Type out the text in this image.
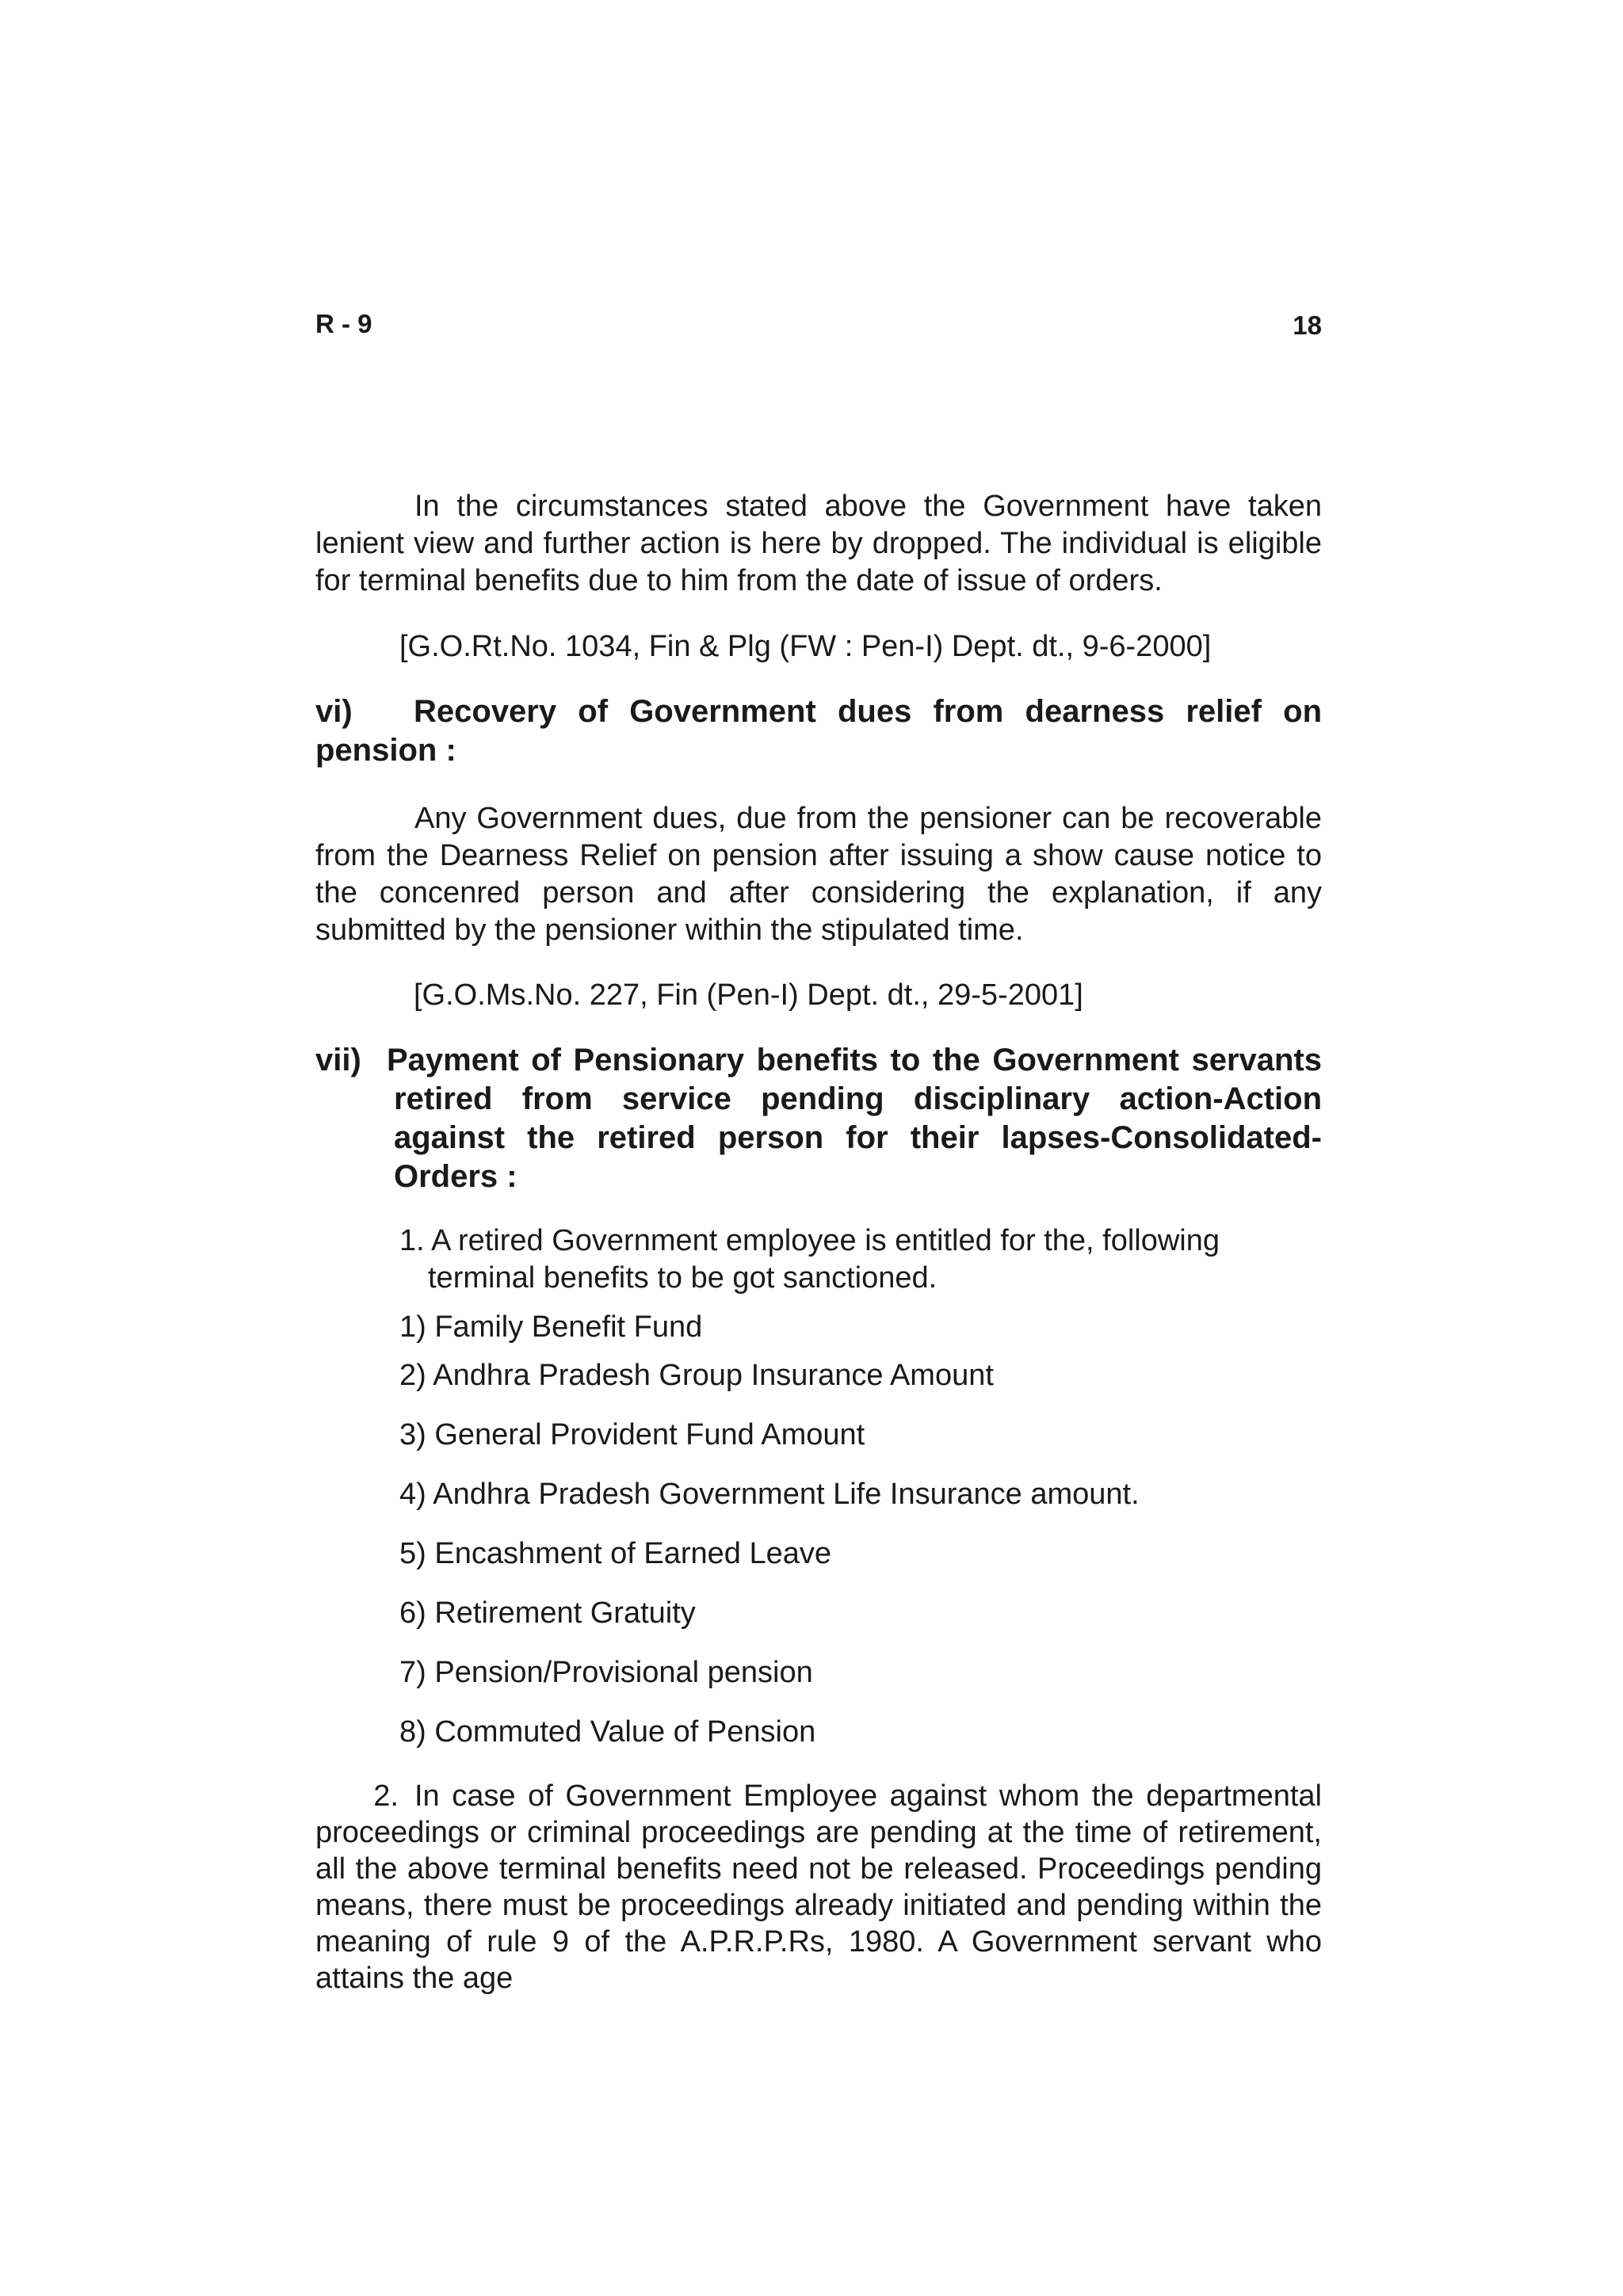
R - 9	18

In the circumstances stated above the Government have taken lenient view and further action is here by dropped. The individual is eligible for terminal benefits due to him from the date of issue of orders.

[G.O.Rt.No. 1034, Fin & Plg (FW : Pen-I) Dept. dt., 9-6-2000]

vi)	Recovery of Government dues from dearness relief on
pension :

Any Government dues, due from the pensioner can be recoverable from the Dearness Relief on pension after issuing a show cause notice to the concenred person and after considering the explanation, if any submitted by the pensioner within the stipulated time.

[G.O.Ms.No. 227, Fin (Pen-I) Dept. dt., 29-5-2001]

vii) Payment of Pensionary benefits to the Government servants
retired from service pending disciplinary action-Action against the retired person for their lapses-Consolidated- Orders :
1. A retired Government employee is entitled for the, following
terminal benefits to be got sanctioned.
1) Family Benefit Fund
2) Andhra Pradesh Group Insurance Amount
3) General Provident Fund Amount
4) Andhra Pradesh Government Life Insurance amount.
5) Encashment of Earned Leave
6) Retirement Gratuity
7) Pension/Provisional pension
8) Commuted Value of Pension
2. In case of Government Employee against whom the departmental proceedings or criminal proceedings are pending at the time of retirement, all the above terminal benefits need not be released. Proceedings pending means, there must be proceedings already initiated and pending within the meaning of rule 9 of the A.P.R.P.Rs, 1980. A Government servant who attains the age
